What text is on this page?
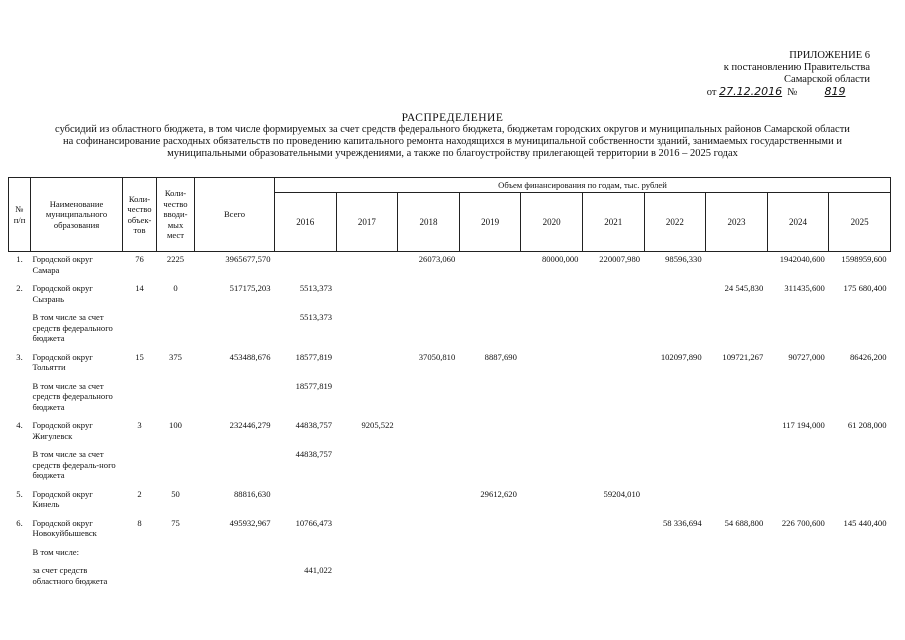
ПРИЛОЖЕНИЕ 6
к постановлению Правительства
Самарской области
от 27.12.2016 № 819
РАСПРЕДЕЛЕНИЕ
субсидий из областного бюджета, в том числе формируемых за счет средств федерального бюджета, бюджетам городских округов и муниципальных районов Самарской области
на софинансирование расходных обязательств по проведению капитального ремонта находящихся в муниципальной собственности зданий, занимаемых государственными и
муниципальными образовательными учреждениями, а также по благоустройству прилегающей территории в 2016 – 2025 годах
№ п/п	Наименование муниципального образования	Коли-чество объек-тов	Коли-чество вводи-мых мест	Всего	Объем финансирования по годам, тыс. рублей									
					2016	2017	2018	2019	2020	2021	2022	2023	2024	2025
1.	Городской округ Самара	76	2225	3965677,570			26073,060		80000,000	220007,980	98596,330		1942040,600	1598959,600
2.	Городской округ Сызрань	14	0	517175,203	5513,373							24 545,830	311435,600	175 680,400
	В том числе за счет средств федерального бюджета				5513,373									
3.	Городской округ Тольятти	15	375	453488,676	18577,819		37050,810	8887,690			102097,890	109721,267	90727,000	86426,200
	В том числе за счет средств федерального бюджета				18577,819									
4.	Городской округ Жигулевск	3	100	232446,279	44838,757	9205,522							117 194,000	61 208,000
	В том числе за счет средств федераль-ного бюджета				44838,757									
5.	Городской округ Кинель	2	50	88816,630				29612,620		59204,010				
6.	Городской округ Новокуйбышевск	8	75	495932,967	10766,473						58 336,694	54 688,800	226 700,600	145 440,400
	В том числе:													
	за счет средств областного бюджета				441,022									
